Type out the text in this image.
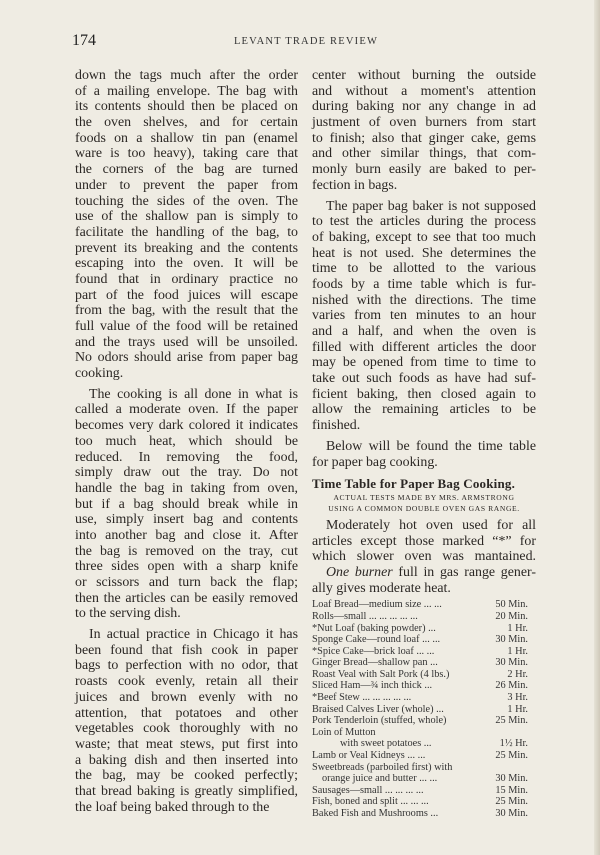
174	LEVANT TRADE REVIEW
down the tags much after the order
of a mailing envelope. The bag with
its contents should then be placed on
the oven shelves, and for certain
foods on a shallow tin pan (enamel
ware is too heavy), taking care that
the corners of the bag are turned
under to prevent the paper from
touching the sides of the oven. The
use of the shallow pan is simply to
facilitate the handling of the bag, to
prevent its breaking and the contents
escaping into the oven. It will be
found that in ordinary practice no
part of the food juices will escape
from the bag, with the result that the
full value of the food will be retained
and the trays used will be unsoiled.
No odors should arise from paper bag
cooking.
The cooking is all done in what is
called a moderate oven. If the paper
becomes very dark colored it indicates
too much heat, which should be
reduced. In removing the food,
simply draw out the tray. Do not
handle the bag in taking from oven,
but if a bag should break while in
use, simply insert bag and contents
into another bag and close it. After
the bag is removed on the tray, cut
three sides open with a sharp knife
or scissors and turn back the flap;
then the articles can be easily removed
to the serving dish.
In actual practice in Chicago it has
been found that fish cook in paper
bags to perfection with no odor, that
roasts cook evenly, retain all their
juices and brown evenly with no
attention, that potatoes and other
vegetables cook thoroughly with no
waste; that meat stews, put first into
a baking dish and then inserted into
the bag, may be cooked perfectly;
that bread baking is greatly simplified,
the loaf being baked through to the
center without burning the outside
and without a moment's attention
during baking nor any change in ad
justment of oven burners from start
to finish; also that ginger cake, gems
and other similar things, that com-
monly burn easily are baked to per-
fection in bags.
The paper bag baker is not supposed
to test the articles during the process
of baking, except to see that too much
heat is not used. She determines the
time to be allotted to the various
foods by a time table which is fur-
nished with the directions. The time
varies from ten minutes to an hour
and a half, and when the oven is
filled with different articles the door
may be opened from time to time to
take out such foods as have had suf-
ficient baking, then closed again to
allow the remaining articles to be
finished.
Below will be found the time table
for paper bag cooking.
Time Table for Paper Bag Cooking.
ACTUAL TESTS MADE BY MRS. ARMSTRONG
USING A COMMON DOUBLE OVEN GAS RANGE.
Moderately hot oven used for all
articles except those marked “*” for
which slower oven was mantained.
One burner full in gas range gener-
ally gives moderate heat.
Loaf Bread—medium size ... ...	50 Min.
Rolls—small ... ... ... ... ...	20 Min.
*Nut Loaf (baking powder) ...	1 Hr.
Sponge Cake—round loaf ... ...	30 Min.
*Spice Cake—brick loaf ... ...	1 Hr.
Ginger Bread—shallow pan ...	30 Min.
Roast Veal with Salt Pork (4 lbs.)	2 Hr.
Sliced Ham—¾ inch thick ...	26 Min.
*Beef Stew ... ... ... ... ...	3 Hr.
Braised Calves Liver (whole) ...	1 Hr.
Pork Tenderloin (stuffed, whole)	25 Min.
Loin of Mutton
with sweet potatoes ...	1½ Hr.
Lamb or Veal Kidneys ... ...	25 Min.
Sweetbreads (parboiled first) with
orange juice and butter ... ...	30 Min.
Sausages—small ... ... ... ...	15 Min.
Fish, boned and split ... ... ...	25 Min.
Baked Fish and Mushrooms ...	30 Min.
